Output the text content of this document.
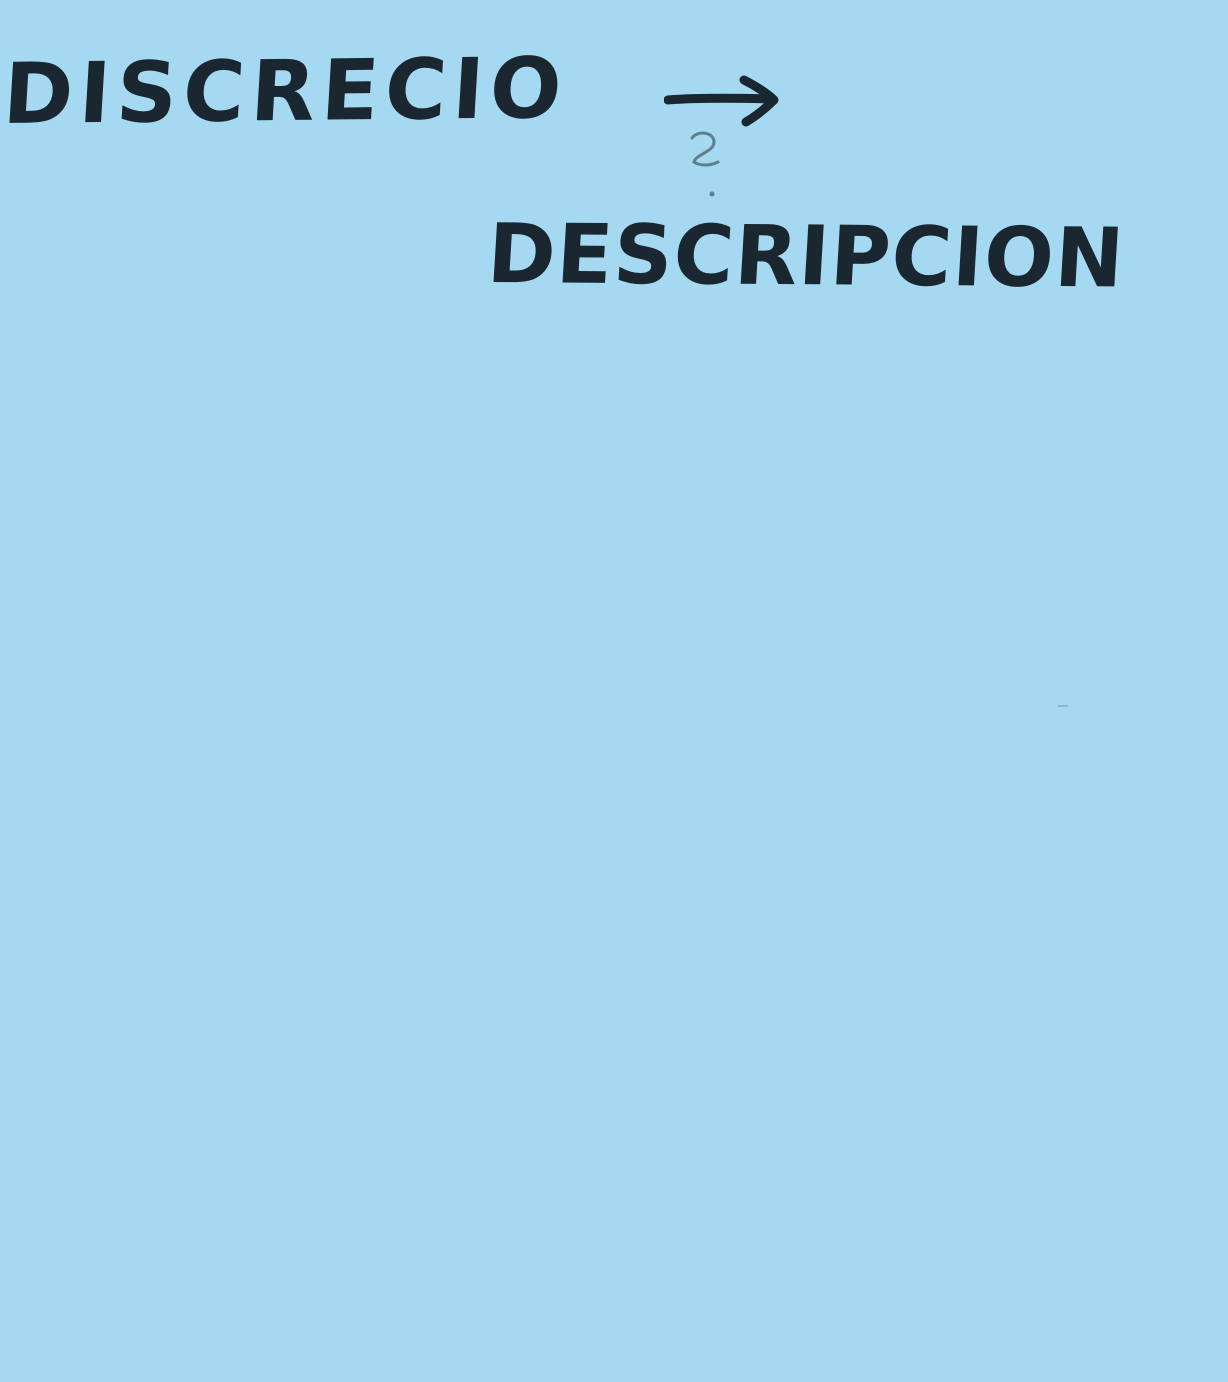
DISCRECIO
DESCRIPCION
